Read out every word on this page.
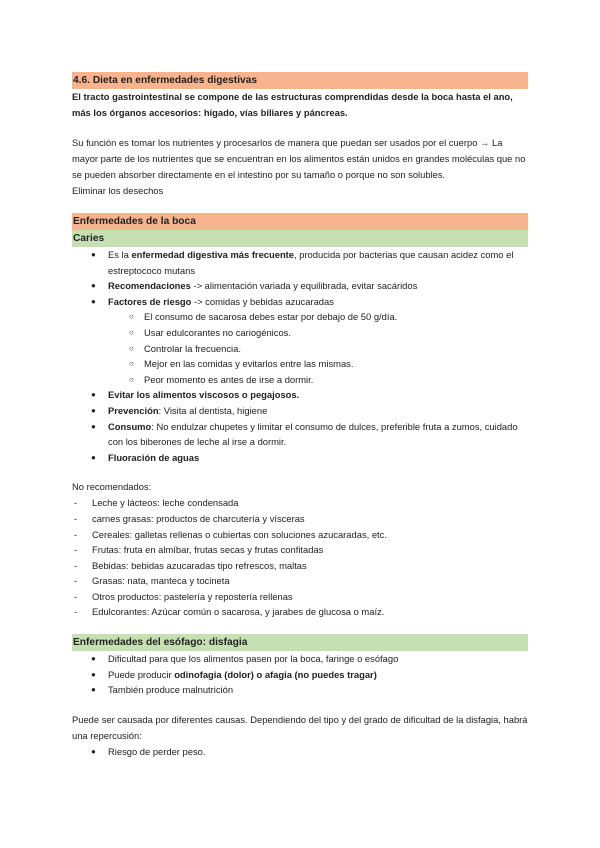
4.6. Dieta en enfermedades digestivas

El tracto gastrointestinal se compone de las estructuras comprendidas desde la boca hasta el ano, más los órganos accesorios: hígado, vías biliares y páncreas.

Su función es tomar los nutrientes y procesarlos de manera que puedan ser usados por el cuerpo → La mayor parte de los nutrientes que se encuentran en los alimentos están unidos en grandes moléculas que no se pueden absorber directamente en el intestino por su tamaño o porque no son solubles.

Eliminar los desechos

Enfermedades de la boca
Caries
● Es la enfermedad digestiva más frecuente, producida por bacterias que causan acidez como el estreptococo mutans
● Recomendaciones -> alimentación variada y equilibrada, evitar sacáridos
● Factores de riesgo -> comidas y bebidas azucaradas
○ El consumo de sacarosa debes estar por debajo de 50 g/día.
○ Usar edulcorantes no cariogénicos.
○ Controlar la frecuencia.
○ Mejor en las comidas y evitarlos entre las mismas.
○ Peor momento es antes de irse a dormir.
● Evitar los alimentos viscosos o pegajosos.
● Prevención: Visita al dentista, higiene
● Consumo: No endulzar chupetes y limitar el consumo de dulces, preferible fruta a zumos, cuidado con los biberones de leche al irse a dormir.
● Fluoración de aguas

No recomendados:

- Leche y lácteos: leche condensada
- carnes grasas: productos de charcutería y vísceras
- Cereales: galletas rellenas o cubiertas con soluciones azucaradas, etc.
- Frutas: fruta en almíbar, frutas secas y frutas confitadas
- Bebidas: bebidas azucaradas tipo refrescos, maltas
- Grasas: nata, manteca y tocineta
- Otros productos: pastelería y repostería rellenas
- Edulcorantes: Azúcar común o sacarosa, y jarabes de glucosa o maíz.
Enfermedades del esófago: disfagia
● Dificultad para que los alimentos pasen por la boca, faringe o esófago
● Puede producir odinofagia (dolor) o afagia (no puedes tragar)
● También produce malnutrición

Puede ser causada por diferentes causas. Dependiendo del tipo y del grado de dificultad de la disfagia, habrá una repercusión:

● Riesgo de perder peso.
